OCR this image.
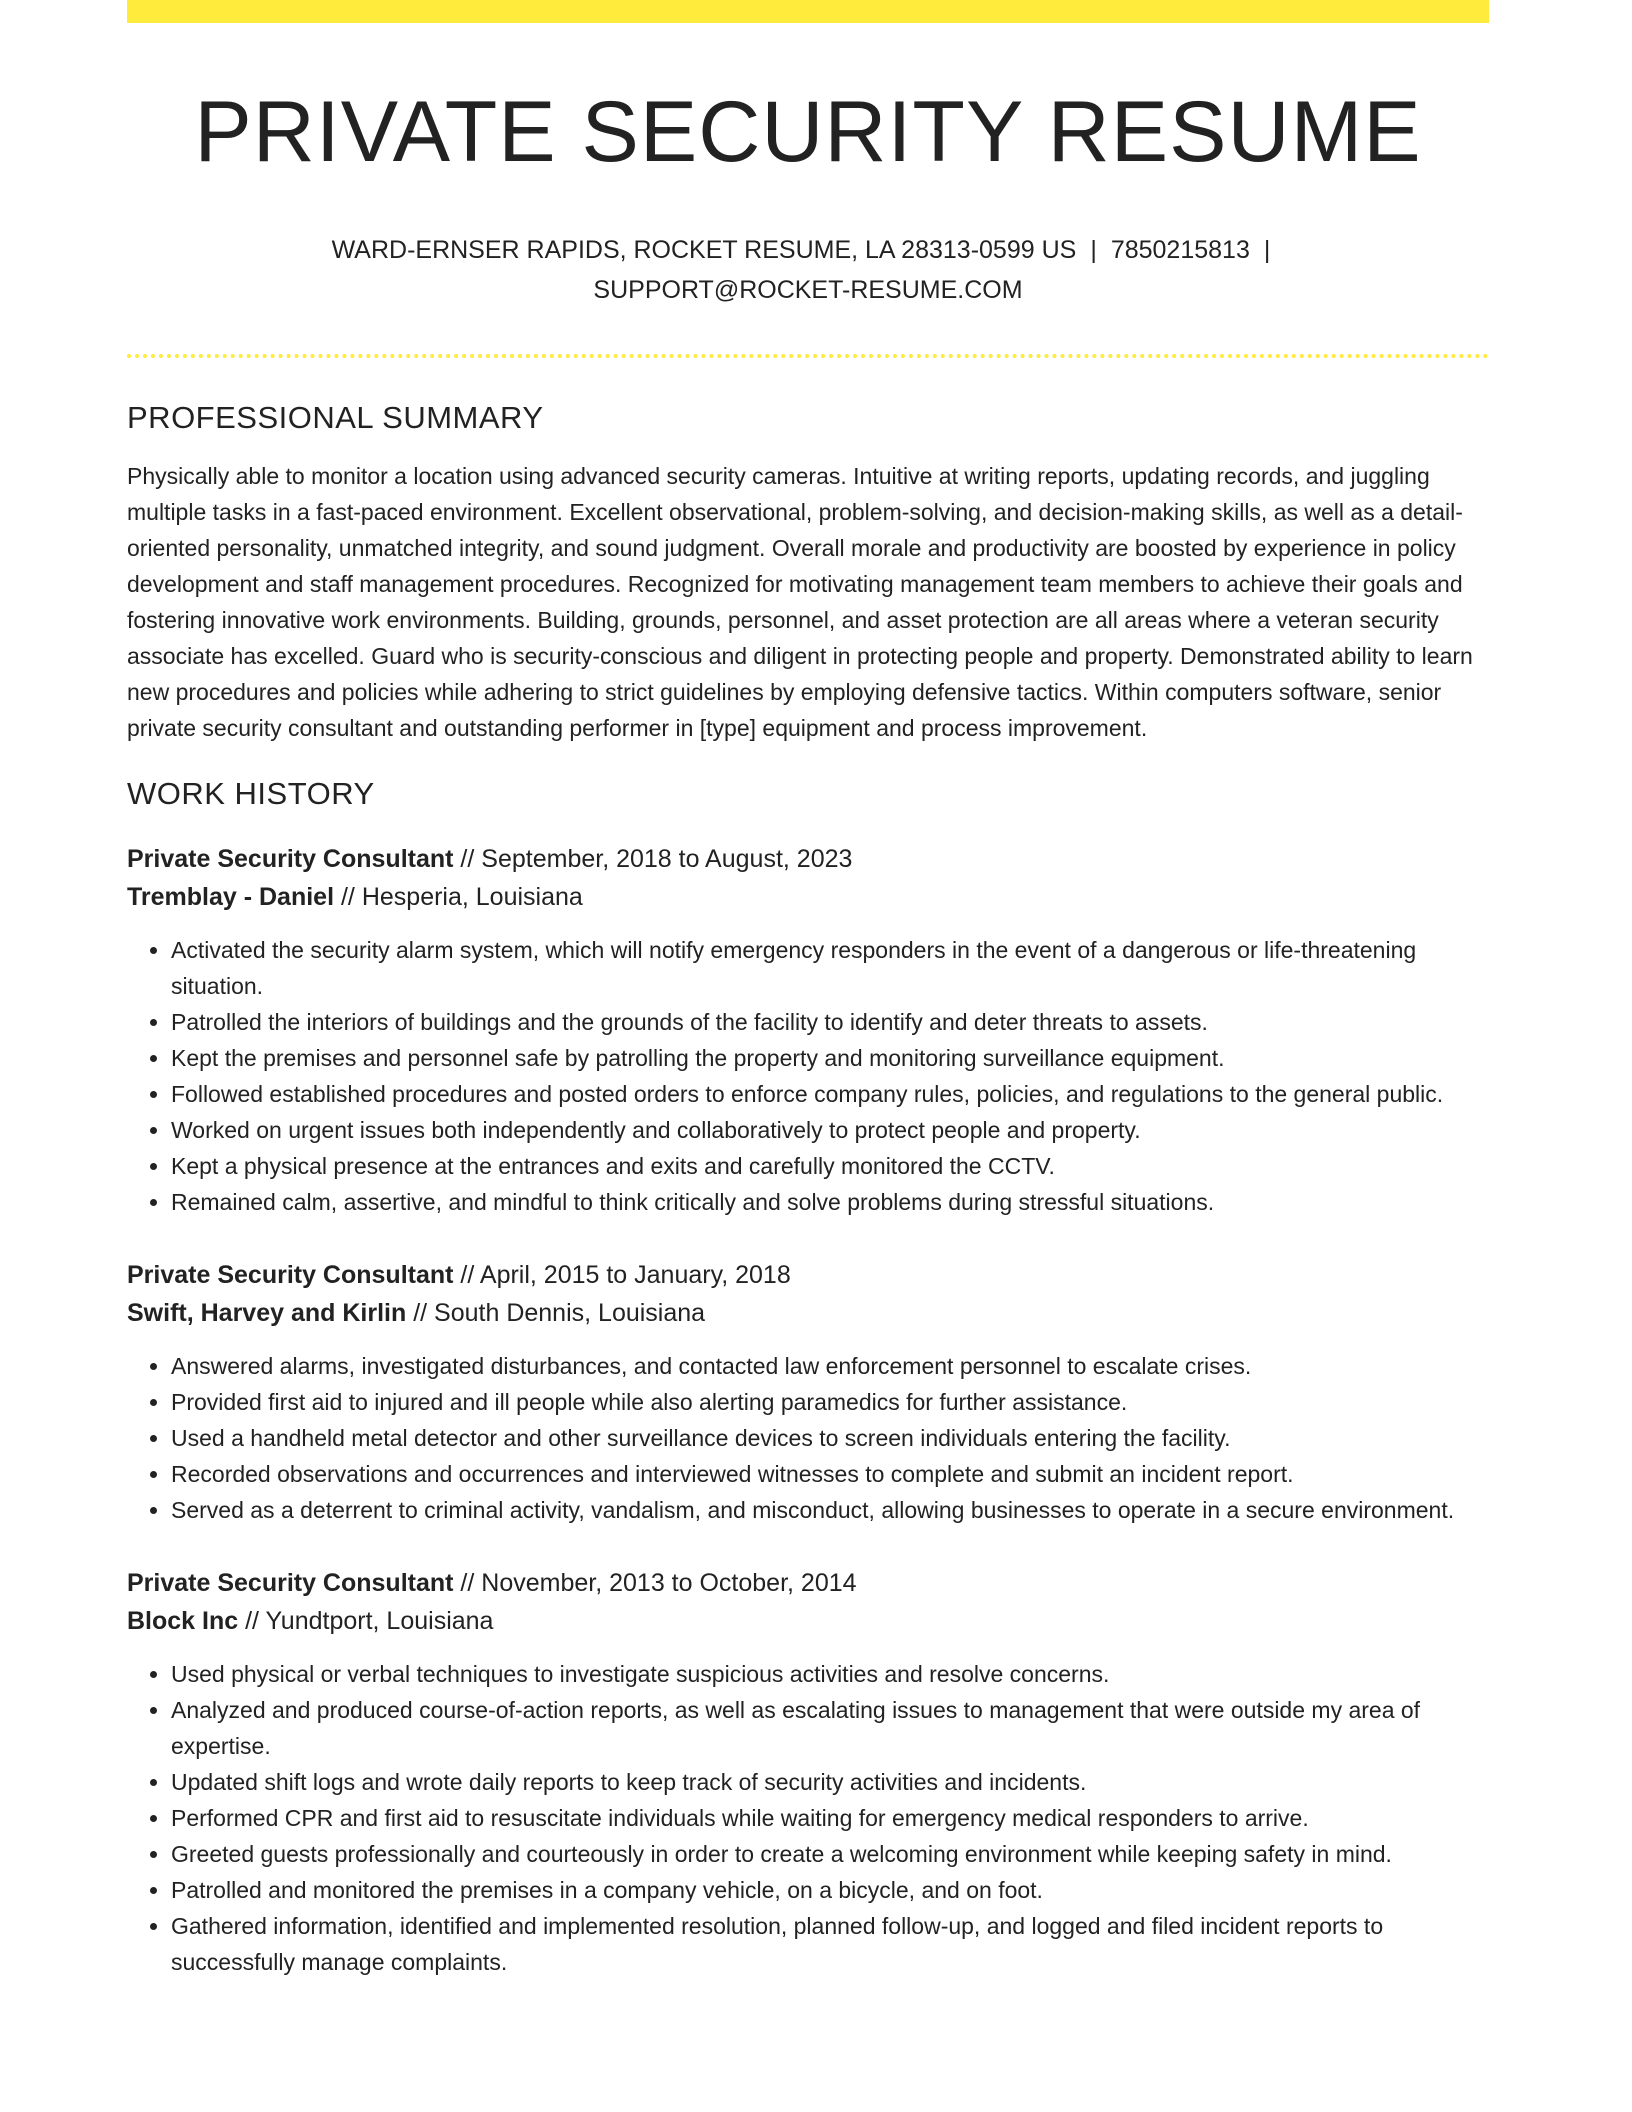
PRIVATE SECURITY RESUME
WARD-ERNSER RAPIDS, ROCKET RESUME, LA 28313-0599 US | 7850215813 |
SUPPORT@ROCKET-RESUME.COM
PROFESSIONAL SUMMARY

Physically able to monitor a location using advanced security cameras. Intuitive at writing reports, updating records, and juggling multiple tasks in a fast-paced environment. Excellent observational, problem-solving, and decision-making skills, as well as a detail-oriented personality, unmatched integrity, and sound judgment. Overall morale and productivity are boosted by experience in policy development and staff management procedures. Recognized for motivating management team members to achieve their goals and fostering innovative work environments. Building, grounds, personnel, and asset protection are all areas where a veteran security associate has excelled. Guard who is security-conscious and diligent in protecting people and property. Demonstrated ability to learn new procedures and policies while adhering to strict guidelines by employing defensive tactics. Within computers software, senior private security consultant and outstanding performer in [type] equipment and process improvement.

WORK HISTORY
Private Security Consultant // September, 2018 to August, 2023
Tremblay - Daniel // Hesperia, Louisiana
• Activated the security alarm system, which will notify emergency responders in the event of a dangerous or life-threatening situation.
• Patrolled the interiors of buildings and the grounds of the facility to identify and deter threats to assets.
• Kept the premises and personnel safe by patrolling the property and monitoring surveillance equipment.
• Followed established procedures and posted orders to enforce company rules, policies, and regulations to the general public.
• Worked on urgent issues both independently and collaboratively to protect people and property.
• Kept a physical presence at the entrances and exits and carefully monitored the CCTV.
• Remained calm, assertive, and mindful to think critically and solve problems during stressful situations.
Private Security Consultant // April, 2015 to January, 2018
Swift, Harvey and Kirlin // South Dennis, Louisiana
• Answered alarms, investigated disturbances, and contacted law enforcement personnel to escalate crises.
• Provided first aid to injured and ill people while also alerting paramedics for further assistance.
• Used a handheld metal detector and other surveillance devices to screen individuals entering the facility.
• Recorded observations and occurrences and interviewed witnesses to complete and submit an incident report.
• Served as a deterrent to criminal activity, vandalism, and misconduct, allowing businesses to operate in a secure environment.
Private Security Consultant // November, 2013 to October, 2014
Block Inc // Yundtport, Louisiana
• Used physical or verbal techniques to investigate suspicious activities and resolve concerns.
• Analyzed and produced course-of-action reports, as well as escalating issues to management that were outside my area of expertise.
• Updated shift logs and wrote daily reports to keep track of security activities and incidents.
• Performed CPR and first aid to resuscitate individuals while waiting for emergency medical responders to arrive.
• Greeted guests professionally and courteously in order to create a welcoming environment while keeping safety in mind.
• Patrolled and monitored the premises in a company vehicle, on a bicycle, and on foot.
• Gathered information, identified and implemented resolution, planned follow-up, and logged and filed incident reports to successfully manage complaints.
